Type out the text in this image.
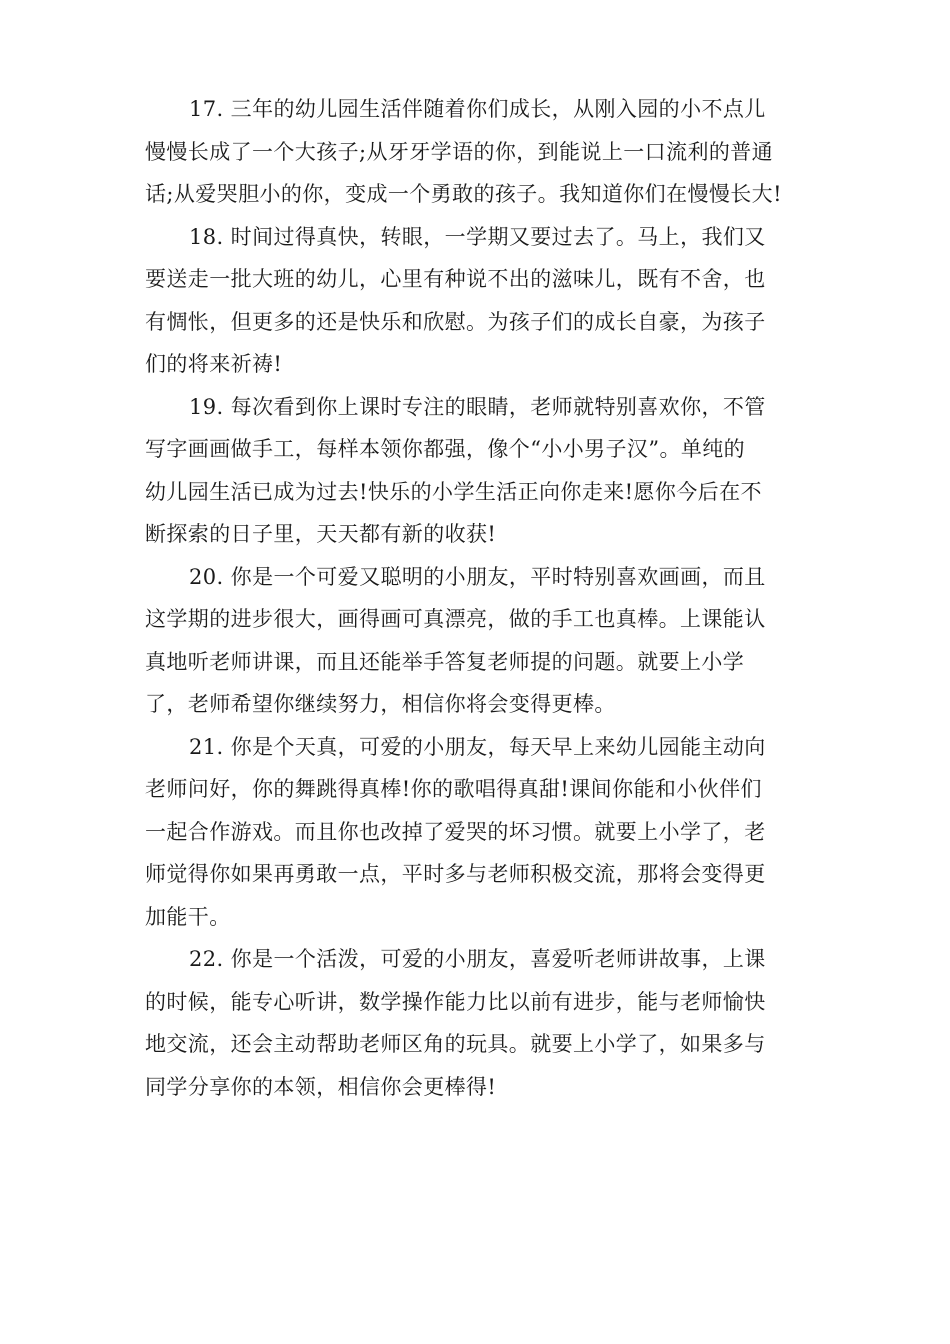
17. 三年的幼儿园生活伴随着你们成长，从刚入园的小不点儿
慢慢长成了一个大孩子;从牙牙学语的你，到能说上一口流利的普通
话;从爱哭胆小的你，变成一个勇敢的孩子。我知道你们在慢慢长大!
18. 时间过得真快，转眼，一学期又要过去了。马上，我们又
要送走一批大班的幼儿，心里有种说不出的滋味儿，既有不舍，也
有惆怅，但更多的还是快乐和欣慰。为孩子们的成长自豪，为孩子
们的将来祈祷!
19. 每次看到你上课时专注的眼睛，老师就特别喜欢你，不管
写字画画做手工，每样本领你都强，像个“小小男子汉”。单纯的
幼儿园生活已成为过去!快乐的小学生活正向你走来!愿你今后在不
断探索的日子里，天天都有新的收获!
20. 你是一个可爱又聪明的小朋友，平时特别喜欢画画，而且
这学期的进步很大，画得画可真漂亮，做的手工也真棒。上课能认
真地听老师讲课，而且还能举手答复老师提的问题。就要上小学
了，老师希望你继续努力，相信你将会变得更棒。
21. 你是个天真，可爱的小朋友，每天早上来幼儿园能主动向
老师问好，你的舞跳得真棒!你的歌唱得真甜!课间你能和小伙伴们
一起合作游戏。而且你也改掉了爱哭的坏习惯。就要上小学了，老
师觉得你如果再勇敢一点，平时多与老师积极交流，那将会变得更
加能干。
22. 你是一个活泼，可爱的小朋友，喜爱听老师讲故事，上课
的时候，能专心听讲，数学操作能力比以前有进步，能与老师愉快
地交流，还会主动帮助老师区角的玩具。就要上小学了，如果多与
同学分享你的本领，相信你会更棒得!
